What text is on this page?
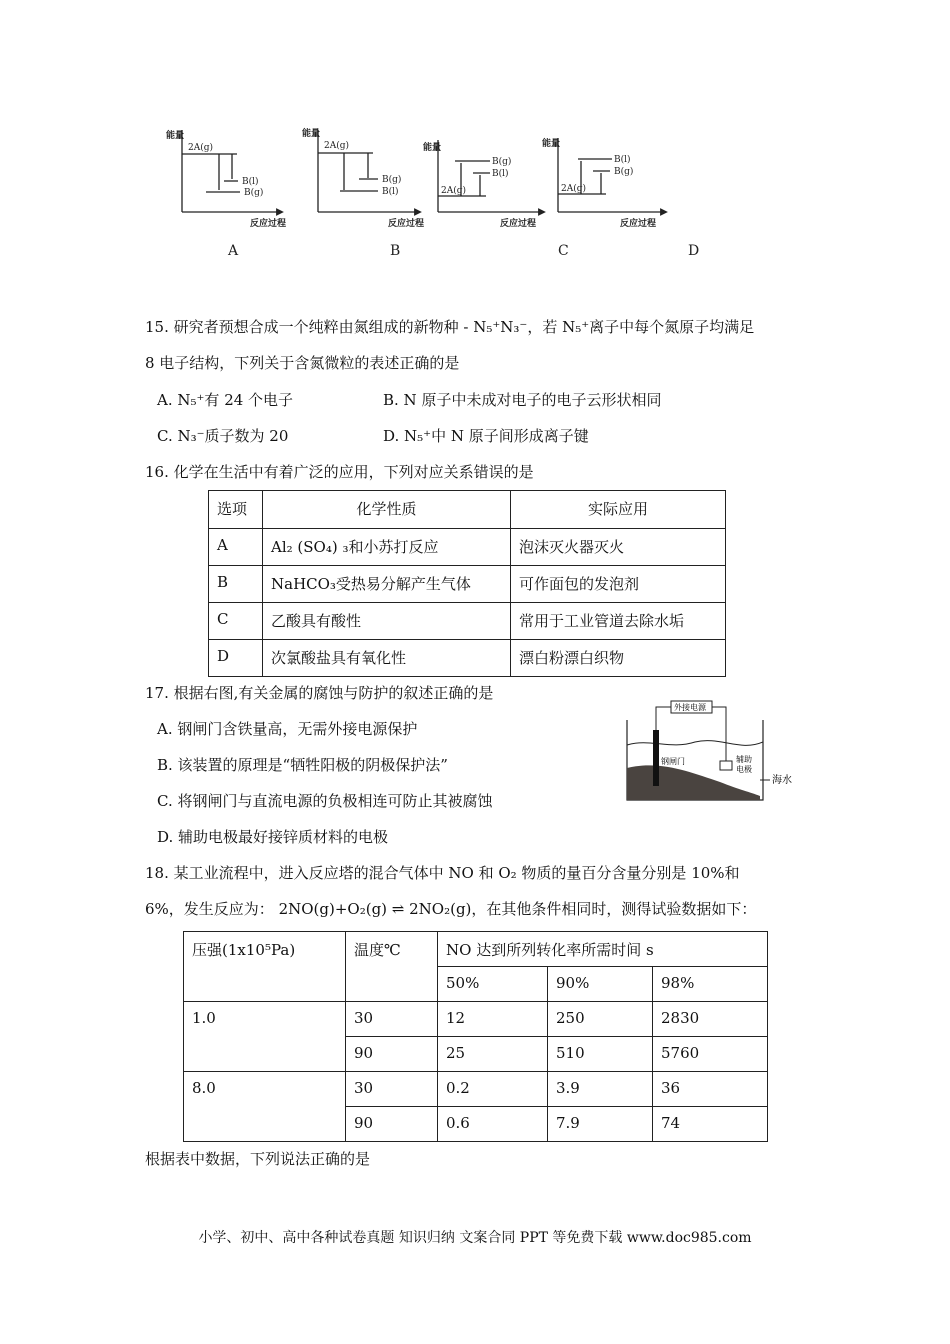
能量	能量
能量	能量
反应过程	反应过程	反应过程	反应过程
2A(g)
B(l)
B(g)
2A(g)
B(g)
B(l)	2A(g)
B(g)
B(l)
2A(g)
B(l)
B(g)
A	B	C	D
15. 研究者预想合成一个纯粹由氮组成的新物种 - N₅⁺N₃⁻，若 N₅⁺离子中每个氮原子均满足
8 电子结构，下列关于含氮微粒的表述正确的是
A. N₅⁺有 24 个电子	B. N 原子中未成对电子的电子云形状相同
C. N₃⁻质子数为 20	D. N₅⁺中 N 原子间形成离子键
16. 化学在生活中有着广泛的应用，下列对应关系错误的是
选项	化学性质	实际应用
A	Al₂ (SO₄) ₃和小苏打反应	泡沫灭火器灭火
B	NaHCO₃受热易分解产生气体	可作面包的发泡剂
C	乙酸具有酸性	常用于工业管道去除水垢
D	次氯酸盐具有氧化性	漂白粉漂白织物
17. 根据右图,有关金属的腐蚀与防护的叙述正确的是
A. 钢闸门含铁量高，无需外接电源保护
B. 该装置的原理是“牺牲阳极的阴极保护法”
C. 将钢闸门与直流电源的负极相连可防止其被腐蚀
D. 辅助电极最好接锌质材料的电极
外接电源
钢闸门	辅助
电极
海水
18. 某工业流程中，进入反应塔的混合气体中 NO 和 O₂ 物质的量百分含量分别是 10%和
6%，发生反应为： 2NO(g)+O₂(g) ⇌ 2NO₂(g)，在其他条件相同时，测得试验数据如下：
压强(1x10⁵Pa)	温度℃	NO 达到所列转化率所需时间 s		
		50%	90%	98%
1.0	30	12	250	2830
	90	25	510	5760
8.0	30	0.2	3.9	36
	90	0.6	7.9	74
根据表中数据，下列说法正确的是
小学、初中、高中各种试卷真题 知识归纳 文案合同 PPT 等免费下载 www.doc985.com
